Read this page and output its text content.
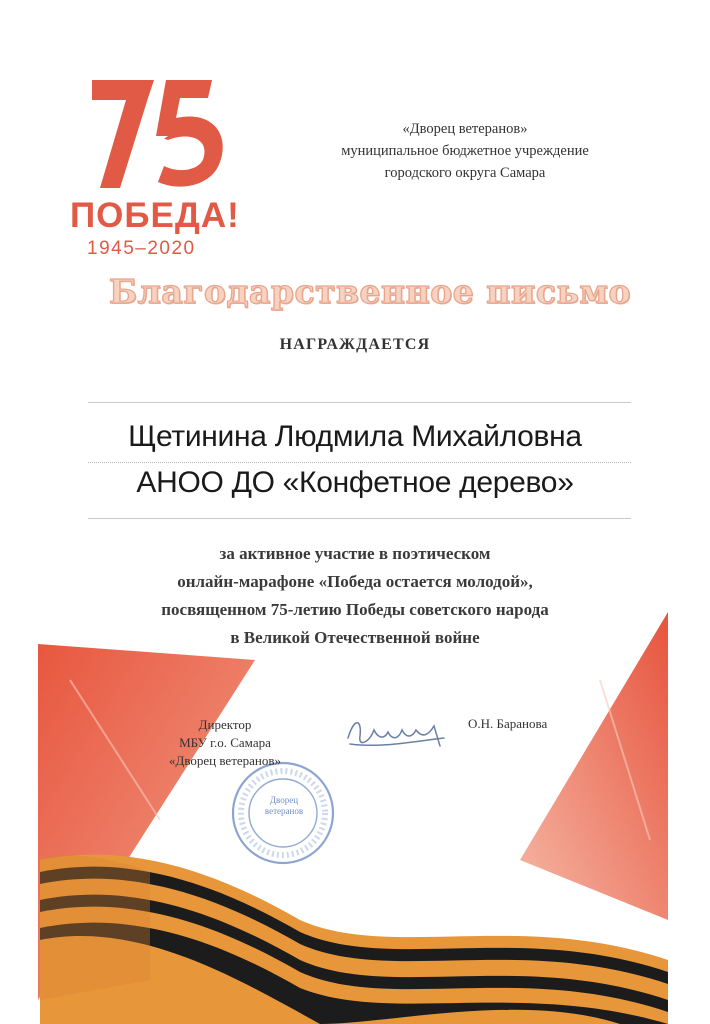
ПОБЕДА!
1945–2020
«Дворец ветеранов»
муниципальное бюджетное учреждение
городского округа Самара
Благодарственное письмо
НАГРАЖДАЕТСЯ
Щетинина Людмила Михайловна
АНОО ДО «Конфетное дерево»
за активное участие в поэтическом
онлайн-марафоне «Победа остается молодой»,
посвященном 75-летию Победы советского народа
в Великой Отечественной войне
Дворец
ветеранов
Директор
МБУ г.о. Самара
«Дворец ветеранов»
О.Н. Баранова
